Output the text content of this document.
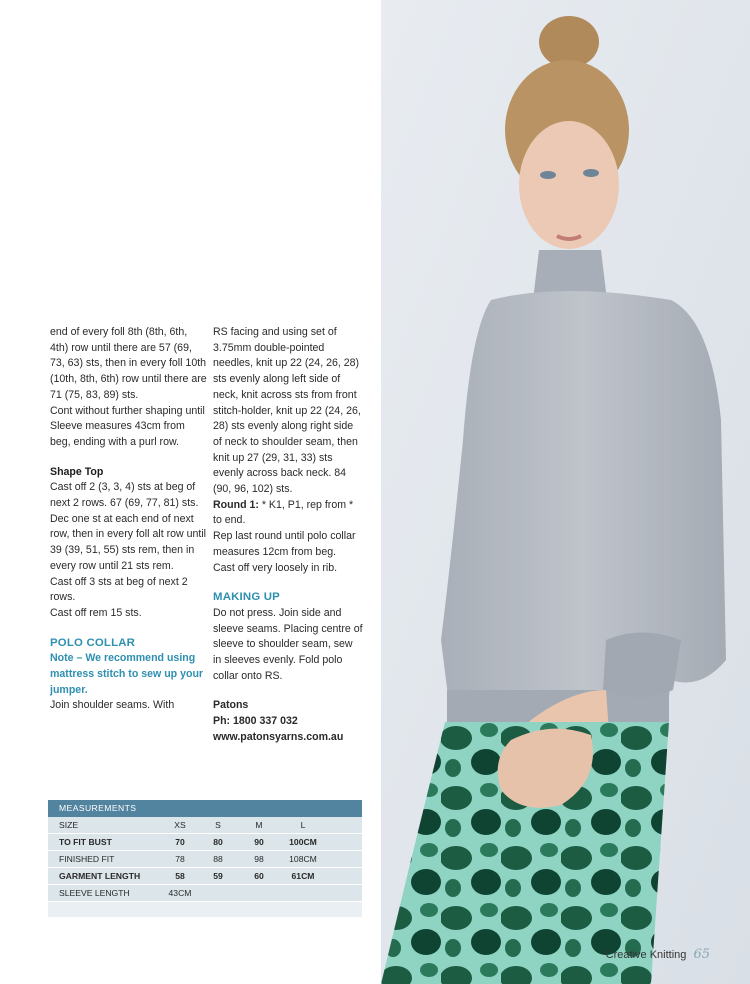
end of every foll 8th (8th, 6th, 4th) row until there are 57 (69, 73, 63) sts, then in every foll 10th (10th, 8th, 6th) row until there are 71 (75, 83, 89) sts.

Cont without further shaping until Sleeve measures 43cm from beg, ending with a purl row.

Shape Top

Cast off 2 (3, 3, 4) sts at beg of next 2 rows. 67 (69, 77, 81) sts.

Dec one st at each end of next row, then in every foll alt row until 39 (39, 51, 55) sts rem, then in every row until 21 sts rem.

Cast off 3 sts at beg of next 2 rows.

Cast off rem 15 sts.

POLO COLLAR

Note – We recommend using mattress stitch to sew up your jumper.

Join shoulder seams. With

RS facing and using set of 3.75mm double-pointed needles, knit up 22 (24, 26, 28) sts evenly along left side of neck, knit across sts from front stitch-holder, knit up 22 (24, 26, 28) sts evenly along right side of neck to shoulder seam, then knit up 27 (29, 31, 33) sts evenly across back neck. 84 (90, 96, 102) sts.

Round 1: * K1, P1, rep from * to end.

Rep last round until polo collar measures 12cm from beg.

Cast off very loosely in rib.

MAKING UP

Do not press. Join side and sleeve seams. Placing centre of sleeve to shoulder seam, sew in sleeves evenly. Fold polo collar onto RS.

Patons

Ph: 1800 337 032

www.patonsyarns.com.au

MEASUREMENTS
SIZE	XS	S	M	L
TO FIT BUST	70	80	90	100CM
FINISHED FIT	78	88	98	108CM
GARMENT LENGTH	58	59	60	61CM
SLEEVE LENGTH	43CM
Creative Knitting 65
